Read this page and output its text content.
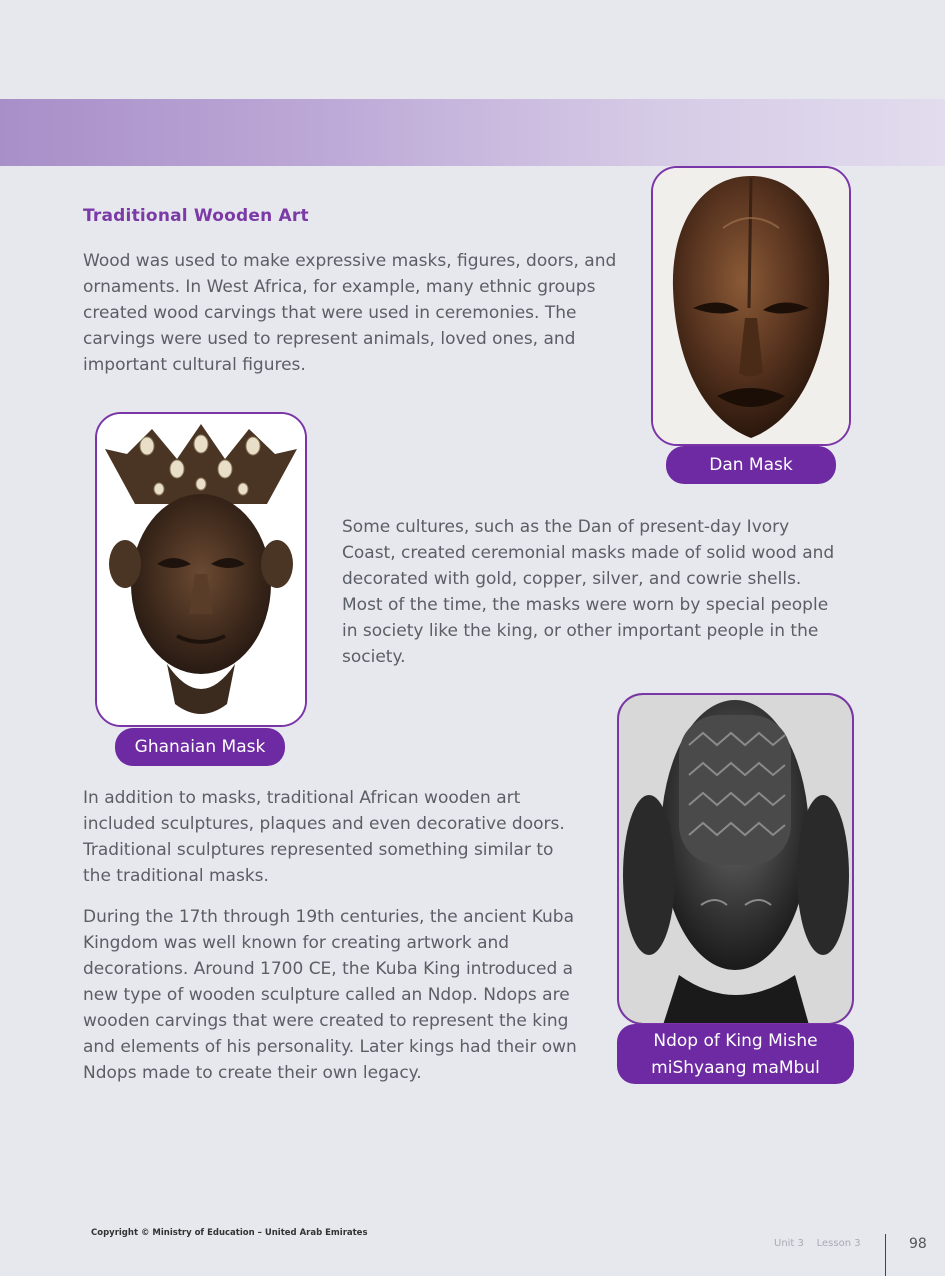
Traditional Wooden Art

Wood was used to make expressive masks, figures, doors, and ornaments. In West Africa, for example, many ethnic groups created wood carvings that were used in ceremonies. The carvings were used to represent animals, loved ones, and important cultural figures.

Dan Mask
Ghanaian Mask

Some cultures, such as the Dan of present-day Ivory Coast, created ceremonial masks made of solid wood and decorated with gold, copper, silver, and cowrie shells. Most of the time, the masks were worn by special people in society like the king, or other important people in the society.

In addition to masks, traditional African wooden art included sculptures, plaques and even decorative doors. Traditional sculptures represented something similar to the traditional masks.

During the 17th through 19th centuries, the ancient Kuba Kingdom was well known for creating artwork and decorations. Around 1700 CE, the Kuba King introduced a new type of wooden sculpture called an Ndop. Ndops are wooden carvings that were created to represent the king and elements of his personality. Later kings had their own Ndops made to create their own legacy.

Ndop of King Mishe
miShyaang maMbul
Copyright © Ministry of Education – United Arab Emirates
Unit 3 Lesson 3	98
